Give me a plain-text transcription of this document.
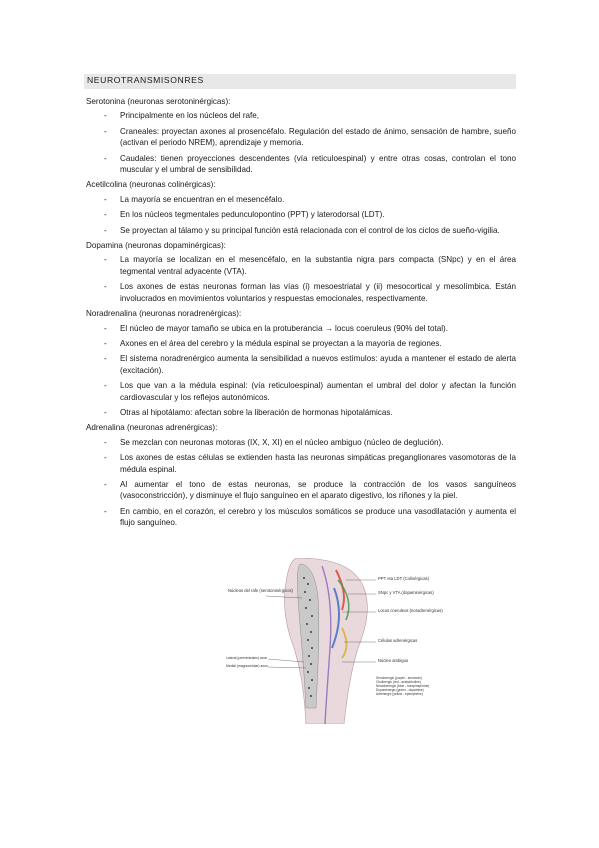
NEUROTRANSMISONRES
Serotonina (neuronas serotoninérgicas):
- Principalmente en los núcleos del rafe,
- Craneales: proyectan axones al prosencéfalo. Regulación del estado de ánimo, sensación de hambre, sueño (activan el periodo NREM), aprendizaje y memoria.
- Caudales: tienen proyecciones descendentes (vía reticuloespinal) y entre otras cosas, controlan el tono muscular y el umbral de sensibilidad.
Acetilcolina (neuronas colinérgicas):
- La mayoría se encuentran en el mesencéfalo.
- En los núcleos tegmentales pedunculopontino (PPT) y laterodorsal (LDT).
- Se proyectan al tálamo y su principal función está relacionada con el control de los ciclos de sueño-vigilia.
Dopamina (neuronas dopaminérgicas):
- La mayoría se localizan en el mesencéfalo, en la substantia nigra pars compacta (SNpc) y en el área tegmental ventral adyacente (VTA).
- Los axones de estas neuronas forman las vías (i) mesoestriatal y (ii) mesocortical y mesolímbica. Están involucrados en movimientos voluntarios y respuestas emocionales, respectivamente.
Noradrenalina (neuronas noradrenérgicas):
- El núcleo de mayor tamaño se ubica en la protuberancia → locus coeruleus (90% del total).
- Axones en el área del cerebro y la médula espinal se proyectan a la mayoría de regiones.
- El sistema noradrenérgico aumenta la sensibilidad a nuevos estímulos: ayuda a mantener el estado de alerta (excitación).
- Los que van a la médula espinal: (vía reticuloespinal) aumentan el umbral del dolor y afectan la función cardiovascular y los reflejos autonómicos.
- Otras al hipotálamo: afectan sobre la liberación de hormonas hipotalámicas.
Adrenalina (neuronas adrenérgicas):
- Se mezclan con neuronas motoras (IX, X, XI) en el núcleo ambiguo (núcleo de deglución).
- Los axones de estas células se extienden hasta las neuronas simpáticas preganglionares vasomotoras de la médula espinal.
- Al aumentar el tono de estas neuronas, se produce la contracción de los vasos sanguíneos (vasoconstricción), y disminuye el flujo sanguíneo en el aparato digestivo, los riñones y la piel.
- En cambio, en el corazón, el cerebro y los músculos somáticos se produce una vasodilatación y aumenta el flujo sanguíneo.
Núcleos del rafe (serotoninérgicos)
Lateral (periventrales) axon
Medial (magnocelular) axon
PPT eta LDT (Colinérgicas)
SNpc y VTA (dopaminérgicas)
Locus coeruleus (noradrenérgicas)
Células adrenérgicas
Núcleo ambiguo
Serotonergic (purple - serotonin)
Cholinergic (red - acetylcholine)
Noradrenergic (blue - norepinephrine)
Dopaminergic (green - dopamine)
Adrenergic (yellow - epinephrine)
